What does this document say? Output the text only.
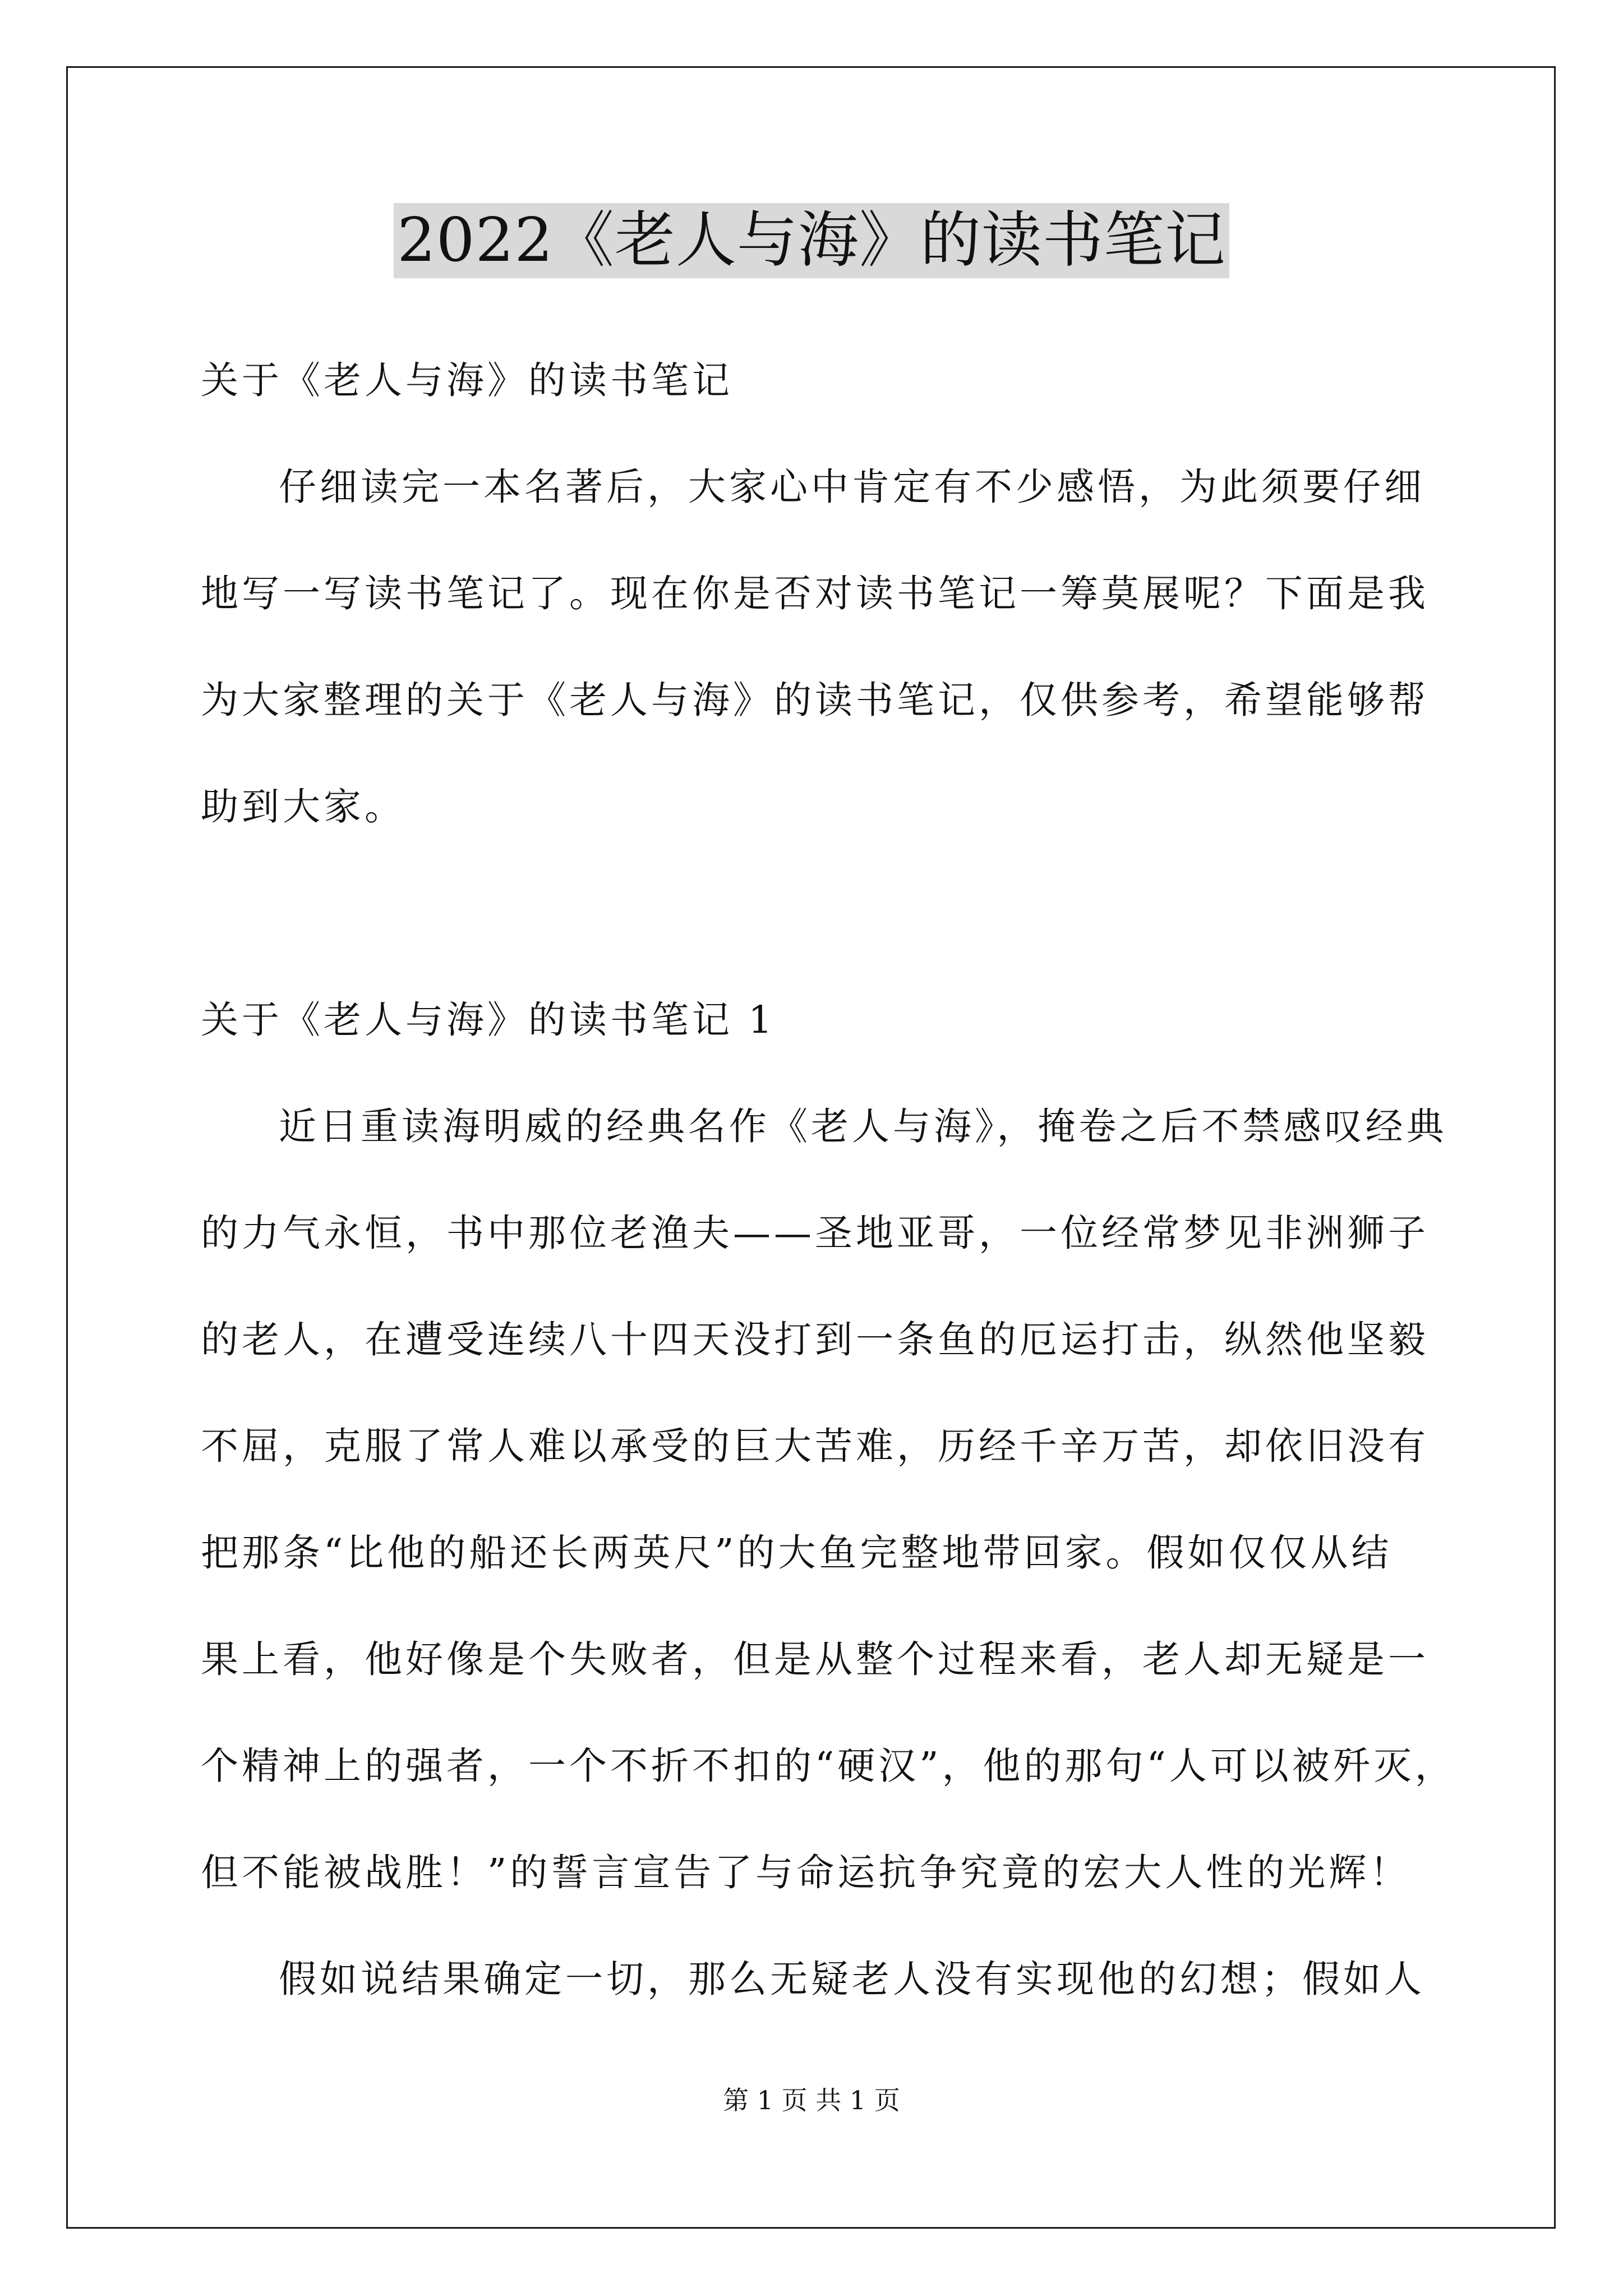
2022《老人与海》的读书笔记
关于《老人与海》的读书笔记
仔细读完一本名著后，大家心中肯定有不少感悟，为此须要仔细
地写一写读书笔记了。现在你是否对读书笔记一筹莫展呢？下面是我
为大家整理的关于《老人与海》的读书笔记，仅供参考，希望能够帮
助到大家。
关于《老人与海》的读书笔记 1
近日重读海明威的经典名作《老人与海》，掩卷之后不禁感叹经典
的力气永恒，书中那位老渔夫——圣地亚哥，一位经常梦见非洲狮子
的老人，在遭受连续八十四天没打到一条鱼的厄运打击，纵然他坚毅
不屈，克服了常人难以承受的巨大苦难，历经千辛万苦，却依旧没有
把那条“比他的船还长两英尺”的大鱼完整地带回家。假如仅仅从结
果上看，他好像是个失败者，但是从整个过程来看，老人却无疑是一
个精神上的强者，一个不折不扣的“硬汉”，他的那句“人可以被歼灭，
但不能被战胜！”的誓言宣告了与命运抗争究竟的宏大人性的光辉！
假如说结果确定一切，那么无疑老人没有实现他的幻想；假如人
第 1 页 共 1 页
